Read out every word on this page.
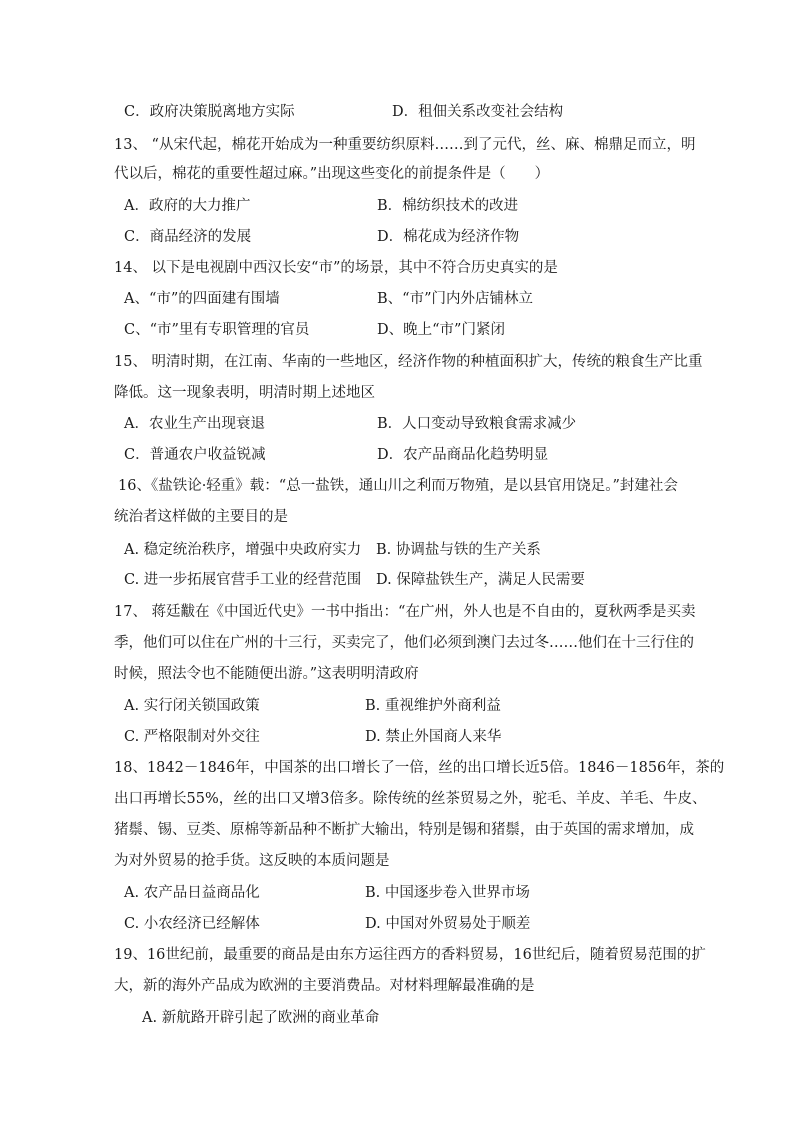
C．政府决策脱离地方实际	D．租佃关系改变社会结构
13、 “从宋代起，棉花开始成为一种重要纺织原料……到了元代，丝、麻、棉鼎足而立，明
代以后，棉花的重要性超过麻。”出现这些变化的前提条件是（　　）
A．政府的大力推广	B．棉纺织技术的改进
C．商品经济的发展	D．棉花成为经济作物
14、 以下是电视剧中西汉长安“市”的场景，其中不符合历史真实的是
A、“市”的四面建有围墙	B、“市”门内外店铺林立
C、“市”里有专职管理的官员	D、晚上“市”门紧闭
15、 明清时期，在江南、华南的一些地区，经济作物的种植面积扩大，传统的粮食生产比重
降低。这一现象表明，明清时期上述地区
A．农业生产出现衰退	B．人口变动导致粮食需求减少
C．普通农户收益锐减	D．农产品商品化趋势明显
16、《盐铁论·轻重》载：“总一盐铁，通山川之利而万物殖，是以县官用饶足。”封建社会
统治者这样做的主要目的是
A. 稳定统治秩序，增强中央政府实力 B. 协调盐与铁的生产关系
C. 进一步拓展官营手工业的经营范围 D. 保障盐铁生产，满足人民需要
17、 蒋廷黻在《中国近代史》一书中指出：“在广州，外人也是不自由的，夏秋两季是买卖
季，他们可以住在广州的十三行，买卖完了，他们必须到澳门去过冬……他们在十三行住的
时候，照法令也不能随便出游。”这表明明清政府
A. 实行闭关锁国政策	B. 重视维护外商利益
C. 严格限制对外交往	D. 禁止外国商人来华
18、1842－1846年，中国茶的出口增长了一倍，丝的出口增长近5倍。1846－1856年，茶的
出口再增长55%，丝的出口又增3倍多。除传统的丝茶贸易之外，驼毛、羊皮、羊毛、牛皮、
猪鬃、锡、豆类、原棉等新品种不断扩大输出，特别是锡和猪鬃，由于英国的需求增加，成
为对外贸易的抢手货。这反映的本质问题是
A. 农产品日益商品化	B. 中国逐步卷入世界市场
C. 小农经济已经解体	D. 中国对外贸易处于顺差
19、16世纪前，最重要的商品是由东方运往西方的香料贸易，16世纪后，随着贸易范围的扩
大，新的海外产品成为欧洲的主要消费品。对材料理解最准确的是
A. 新航路开辟引起了欧洲的商业革命
